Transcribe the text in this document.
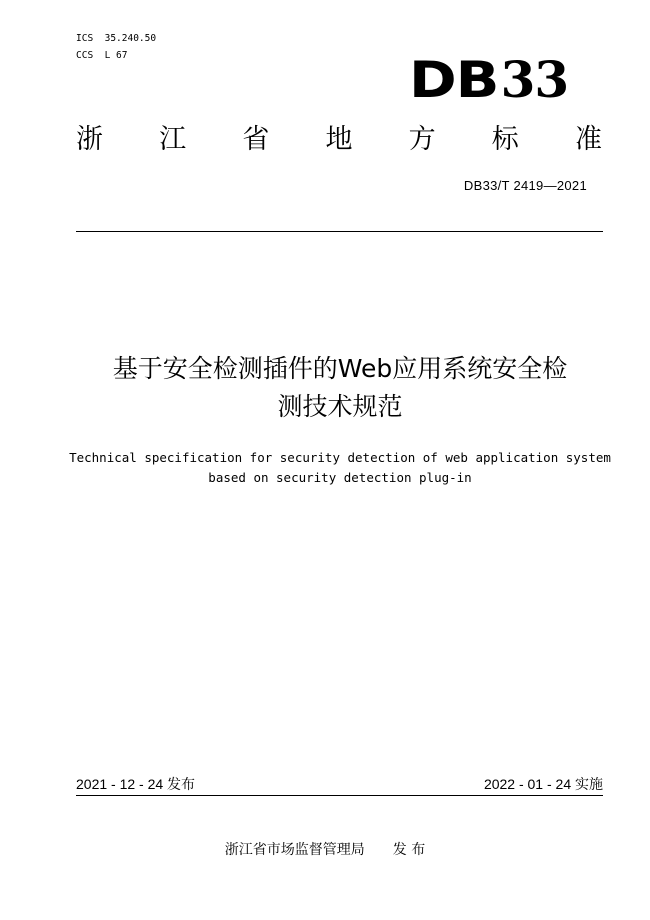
ICS  35.240.50
CCS  L 67	DB33
浙 江 省 地 方 标 准
DB33/T 2419—2021
基于安全检测插件的Web应用系统安全检
测技术规范
Technical specification for security detection of web application system
based on security detection plug-in
2021 - 12 - 24 发布	2022 - 01 - 24 实施
浙江省市场监督管理局 发 布
